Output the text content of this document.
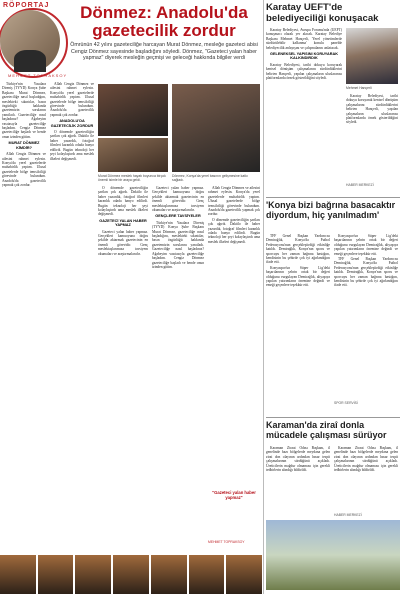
RÖPORTAJ
MEHMET TOPRAKSOY
Dönmez: Anadolu'da
gazetecilik zordur
Ömrünün 42 yılını gazeteciliğe harcayan Murat Dönmez, mesleğe gazeteci abisi Cengiz Dönmez sayesinde başladığını söyledi. Dönmez, "Gazeteci yalan haber yapmaz" diyerek mesleğin geçmişi ve geleceği hakkında bilgiler verdi

Türkiye'nin Yasalara Direniş (TYYD) Konya Şube Başkanı Murat Dönmez, gazeteciliğe nasıl başladığını, meslekteki sıkıntılar, basın özgürlüğü hakkında gazetemizin sorularını yanıtladı. Gazeteciliğe nasıl başladınız? Ağabeyim vasıtasıyla gazeteciliğe başladım. Cengiz Dönmez gazeteciliğe başladı ve bende onun izinden gittim.

MURAT DÖNMEZ KİMDİR?

Allah Cengiz Dönmez ve ailesini rahmet eylesin. Konya'da yerel gazetelerde muhabirlik yaptım. Ulusal gazetelerde bölge temsilciliği görevinde bulundum. Anadolu'da gazetecilik yapmak çok zordur.

Allah Cengiz Dönmez ve ailesini rahmet eylesin. Konya'da yerel gazetelerde muhabirlik yaptım. Ulusal gazetelerde bölge temsilciliği görevinde bulundum. Anadolu'da gazetecilik yapmak çok zordur.

ANADOLU'DA GAZETECİLİK ZORDUR

O dönemde gazeteciliğin şartları çok ağırdı. Daktilo ile haber yazardık, fotoğraf filmleri karanlık odada banyo edilirdi. Bugün teknoloji her şeyi kolaylaştırdı ama meslek ilkeleri değişmedi.

Murat Dönmez meslek hayatı boyunca birçok önemli isimle bir araya geldi.
Dönmez, Konya'da yerel basının gelişmesine katkı sağladı.

O dönemde gazeteciliğin şartları çok ağırdı. Daktilo ile haber yazardık, fotoğraf filmleri karanlık odada banyo edilirdi. Bugün teknoloji her şeyi kolaylaştırdı ama meslek ilkeleri değişmedi.

GAZETECİ YALAN HABER YAPMAZ

Gazeteci yalan haber yapmaz. Gerçekleri kamuoyuna doğru şekilde aktarmak gazetecinin en önemli görevidir. Genç meslektaşlarımıza tavsiyem okumaları ve araştırmalarıdır.

Gazeteci yalan haber yapmaz. Gerçekleri kamuoyuna doğru şekilde aktarmak gazetecinin en önemli görevidir. Genç meslektaşlarımıza tavsiyem okumaları ve araştırmalarıdır.

GENÇLERE TAVSİYELER

Türkiye'nin Yasalara Direniş (TYYD) Konya Şube Başkanı Murat Dönmez, gazeteciliğe nasıl başladığını, meslekteki sıkıntılar, basın özgürlüğü hakkında gazetemizin sorularını yanıtladı. Gazeteciliğe nasıl başladınız? Ağabeyim vasıtasıyla gazeteciliğe başladım. Cengiz Dönmez gazeteciliğe başladı ve bende onun izinden gittim.

Allah Cengiz Dönmez ve ailesini rahmet eylesin. Konya'da yerel gazetelerde muhabirlik yaptım. Ulusal gazetelerde bölge temsilciliği görevinde bulundum. Anadolu'da gazetecilik yapmak çok zordur.

O dönemde gazeteciliğin şartları çok ağırdı. Daktilo ile haber yazardık, fotoğraf filmleri karanlık odada banyo edilirdi. Bugün teknoloji her şeyi kolaylaştırdı ama meslek ilkeleri değişmedi.

"Gazeteci yalan haber yapmaz"
MEHMET TOPRAKSOY
Karatay UEFT'de belediyeciliği konuşacak

Karatay Belediyesi, Avrupa Forumu'nda (UEFT) konuşmacı olarak yer alacak. Karatay Belediye Başkanı Mehmet Hançerli, 'Yerel yönetimlerde sürdürülebilir kalkınma' konulu panelde belediyecilik anlayışını ve çalışmalarını anlatacak.

GELENEKSEL YAPISINI KORUYARAK KALKINDIRDIK

Karatay Belediyesi, tarihi dokuyu koruyarak kentsel dönüşüm çalışmalarını sürdürdüklerini belirten Hançerli, yapılan çalışmaların uluslararası platformlarda örnek gösterildiğini söyledi.

Mehmet Hançerli

Karatay Belediyesi, tarihi dokuyu koruyarak kentsel dönüşüm çalışmalarını sürdürdüklerini belirten Hançerli, yapılan çalışmaların uluslararası platformlarda örnek gösterildiğini söyledi.

HABER MERKEZİ
'Konya bizi bağrına basacaktır diyordum, hiç yanılmadım'

TFF Genel Başkan Yardımcısı Demirağlık, Konya'da Futbol Federasyonu'nun gerçekleştirdiği etkinliğe katıldı. Demirağlık, Konya'nın sporu ve sporcuyu her zaman bağrına bastığını, kendisinin bu şehirde çok iyi ağırlandığını ifade etti.

Konyaspor'un Süper Lig'deki başarılarının şehrin ortak bir değeri olduğunu vurgulayan Demirağlık, altyapıya yapılan yatırımların önemine değindi ve emeği geçenlere teşekkür etti.

Konyaspor'un Süper Lig'deki başarılarının şehrin ortak bir değeri olduğunu vurgulayan Demirağlık, altyapıya yapılan yatırımların önemine değindi ve emeği geçenlere teşekkür etti.

TFF Genel Başkan Yardımcısı Demirağlık, Konya'da Futbol Federasyonu'nun gerçekleştirdiği etkinliğe katıldı. Demirağlık, Konya'nın sporu ve sporcuyu her zaman bağrına bastığını, kendisinin bu şehirde çok iyi ağırlandığını ifade etti.

SPOR SERVİSİ
Karaman'da ziraî donla mücadele çalışması sürüyor

Karaman Ziraat Odası Başkanı, il genelinde bazı bölgelerde meydana gelen zirai don olayının ardından hasar tespit çalışmalarının sürdüğünü açıkladı. Üreticilerin mağdur olmaması için gerekli tedbirlerin alındığı bildirildi.

Karaman Ziraat Odası Başkanı, il genelinde bazı bölgelerde meydana gelen zirai don olayının ardından hasar tespit çalışmalarının sürdüğünü açıkladı. Üreticilerin mağdur olmaması için gerekli tedbirlerin alındığı bildirildi.

HABER MERKEZİ
